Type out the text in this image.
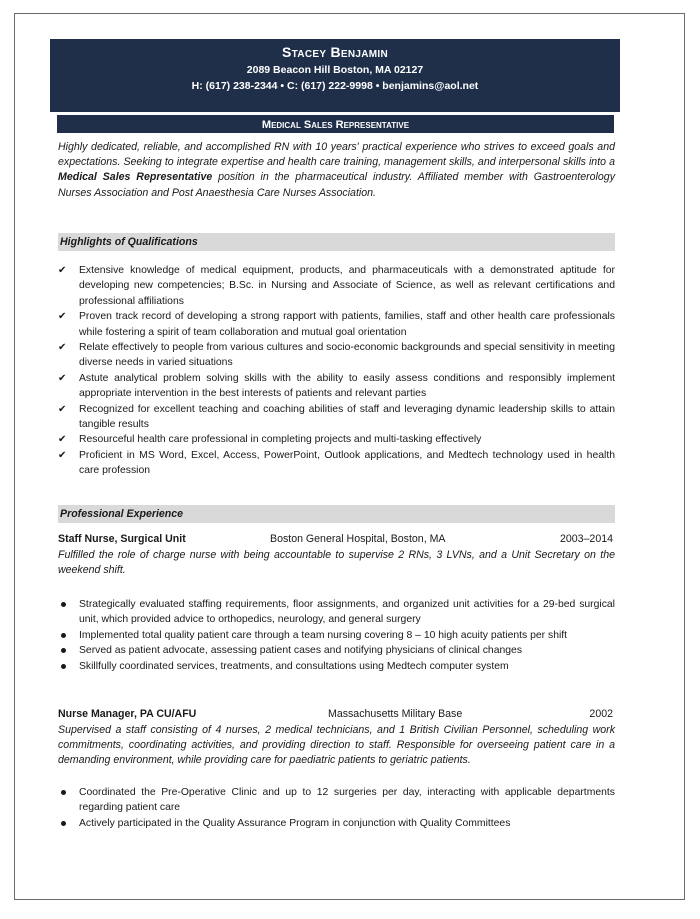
Stacey Benjamin
2089 Beacon Hill Boston, MA 02127
H: (617) 238-2344 • C: (617) 222-9998 • benjamins@aol.net
Medical Sales Representative
Highly dedicated, reliable, and accomplished RN with 10 years' practical experience who strives to exceed goals and expectations. Seeking to integrate expertise and health care training, management skills, and interpersonal skills into a Medical Sales Representative position in the pharmaceutical industry. Affiliated member with Gastroenterology Nurses Association and Post Anaesthesia Care Nurses Association.
Highlights of Qualifications
✔ Extensive knowledge of medical equipment, products, and pharmaceuticals with a demonstrated aptitude for developing new competencies; B.Sc. in Nursing and Associate of Science, as well as relevant certifications and professional affiliations
✔ Proven track record of developing a strong rapport with patients, families, staff and other health care professionals while fostering a spirit of team collaboration and mutual goal orientation
✔ Relate effectively to people from various cultures and socio-economic backgrounds and special sensitivity in meeting diverse needs in varied situations
✔ Astute analytical problem solving skills with the ability to easily assess conditions and responsibly implement appropriate intervention in the best interests of patients and relevant parties
✔ Recognized for excellent teaching and coaching abilities of staff and leveraging dynamic leadership skills to attain tangible results
✔ Resourceful health care professional in completing projects and multi-tasking effectively
✔ Proficient in MS Word, Excel, Access, PowerPoint, Outlook applications, and Medtech technology used in health care profession
Professional Experience
Staff Nurse, Surgical Unit	Boston General Hospital, Boston, MA	2003–2014
Fulfilled the role of charge nurse with being accountable to supervise 2 RNs, 3 LVNs, and a Unit Secretary on the weekend shift.
Strategically evaluated staffing requirements, floor assignments, and organized unit activities for a 29-bed surgical unit, which provided advice to orthopedics, neurology, and general surgery
Implemented total quality patient care through a team nursing covering 8 – 10 high acuity patients per shift
Served as patient advocate, assessing patient cases and notifying physicians of clinical changes
Skillfully coordinated services, treatments, and consultations using Medtech computer system
Nurse Manager, PA CU/AFU	Massachusetts Military Base	2002
Supervised a staff consisting of 4 nurses, 2 medical technicians, and 1 British Civilian Personnel, scheduling work commitments, coordinating activities, and providing direction to staff. Responsible for overseeing patient care in a demanding environment, while providing care for paediatric patients to geriatric patients.
Coordinated the Pre-Operative Clinic and up to 12 surgeries per day, interacting with applicable departments regarding patient care
Actively participated in the Quality Assurance Program in conjunction with Quality Committees
